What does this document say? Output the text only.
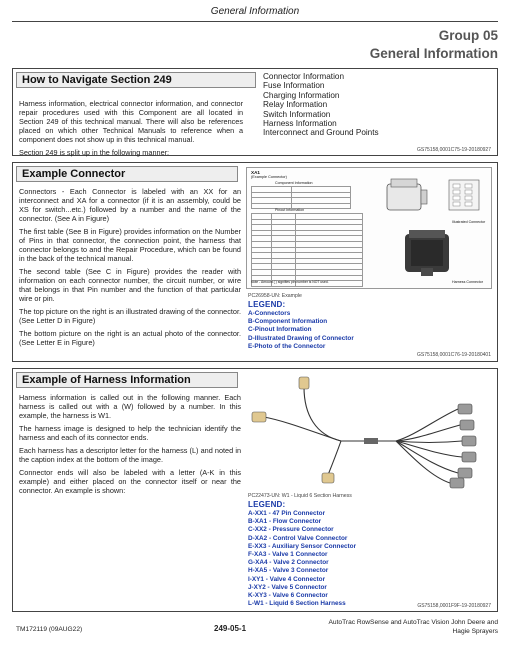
General Information
Group 05
General Information
How to Navigate Section 249

Harness information, electrical connector information, and connector repair procedures used with this Component are all located in Section 249 of this technical manual. There will also be references placed on which other Technical Manuals to reference when a component does not show up in this technical manual.

Section 249 is split up in the following manner:

Connector Information
Fuse Information
Charging Information
Relay Information
Switch Information
Harness Information
Interconnect and Ground Points
GS75158,0001C75-19-20180927
Example Connector

Connectors - Each Connector is labeled with an XX for an interconnect and XA for a connector (if it is an assembly, could be XS for switch...etc.) followed by a number and the name of the connector. (See A in Figure)

The first table (See B in Figure) provides information on the Number of Pins in that connector, the connection point, the harness that connector belongs to and the Repair Procedure, which can be found in the back of the technical manual.

The second table (See C in Figure) provides the reader with information on each connector number, the circuit number, or wire that belongs in that Pin number and the function of that particular wire or pin.

The top picture on the right is an illustrated drawing of the connector. (See Letter D in Figure)

The bottom picture on the right is an actual photo of the connector. (See Letter E in Figure)

XA1
(Example Connector)
Component Information

Pinout Information

Note - Amount ( ) signifies pin number is NOT used.
Illustrated Connector
Harness Connector
PC26958-UN: Example
LEGEND:
A-Connectors
B-Component Information
C-Pinout Information
D-Illustrated Drawing of Connector
E-Photo of the Connector
GS75158,0001C76-19-20180401
Example of Harness Information

Harness information is called out in the following manner. Each harness is called out with a (W) followed by a number. In this example, the harness is W1.

The harness image is designed to help the technician identify the harness and each of its connector ends.

Each harness has a descriptor letter for the harness (L) and noted in the caption index at the bottom of the image.

Connector ends will also be labeled with a letter (A-K in this example) and either placed on the connector itself or near the connector. An example is shown:

PC22473-UN: W1 - Liquid 6 Section Harness
LEGEND:
A-XX1 - 47 Pin Connector
B-XA1 - Flow Connector
C-XX2 - Pressure Connector
D-XA2 - Control Valve Connector
E-XX3 - Auxiliary Sensor Connector
F-XA3 - Valve 1 Connector
G-XA4 - Valve 2 Connector
H-XA5 - Valve 3 Connector
I-XY1 - Valve 4 Connector
J-XY2 - Valve 5 Connector
K-XY3 - Valve 6 Connector
L-W1 - Liquid 6 Section Harness	GS75158,0001F9F-19-20180927
TM172119 (09AUG22)	249-05-1
AutoTrac RowSense and AutoTrac Vision John Deere and
Hagie Sprayers
